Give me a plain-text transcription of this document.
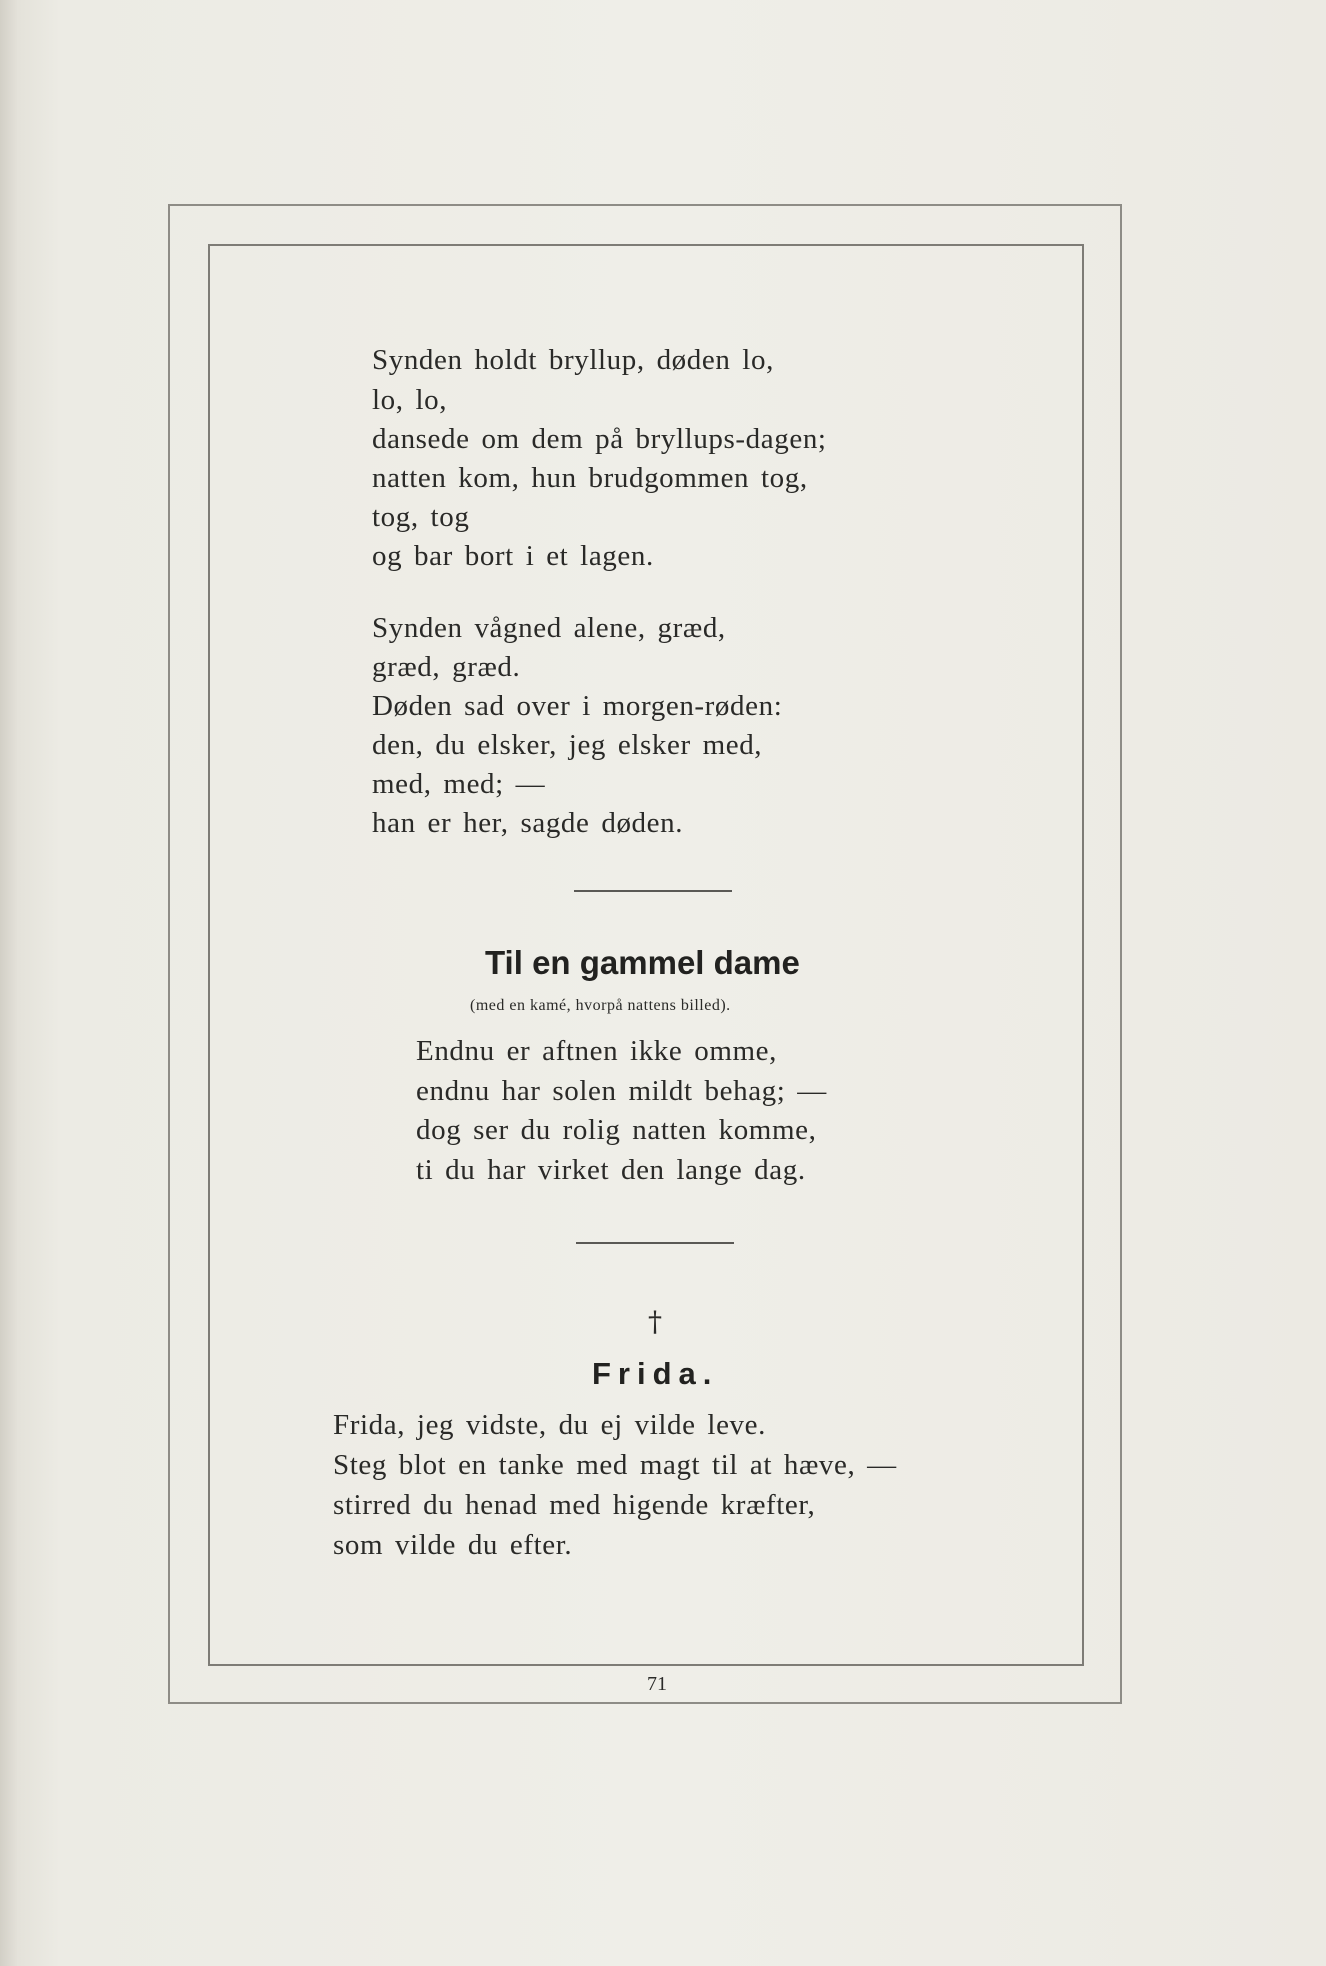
Synden holdt bryllup, døden lo,
lo, lo,
dansede om dem på bryllups-dagen;
natten kom, hun brudgommen tog,
tog, tog
og bar bort i et lagen.
Synden vågned alene, græd,
græd, græd.
Døden sad over i morgen-røden:
den, du elsker, jeg elsker med,
med, med; —
han er her, sagde døden.
Til en gammel dame
(med en kamé, hvorpå nattens billed).
Endnu er aftnen ikke omme,
endnu har solen mildt behag; —
dog ser du rolig natten komme,
ti du har virket den lange dag.
†
Frida.
Frida, jeg vidste, du ej vilde leve.
Steg blot en tanke med magt til at hæve, —
stirred du henad med higende kræfter,
som vilde du efter.
71
